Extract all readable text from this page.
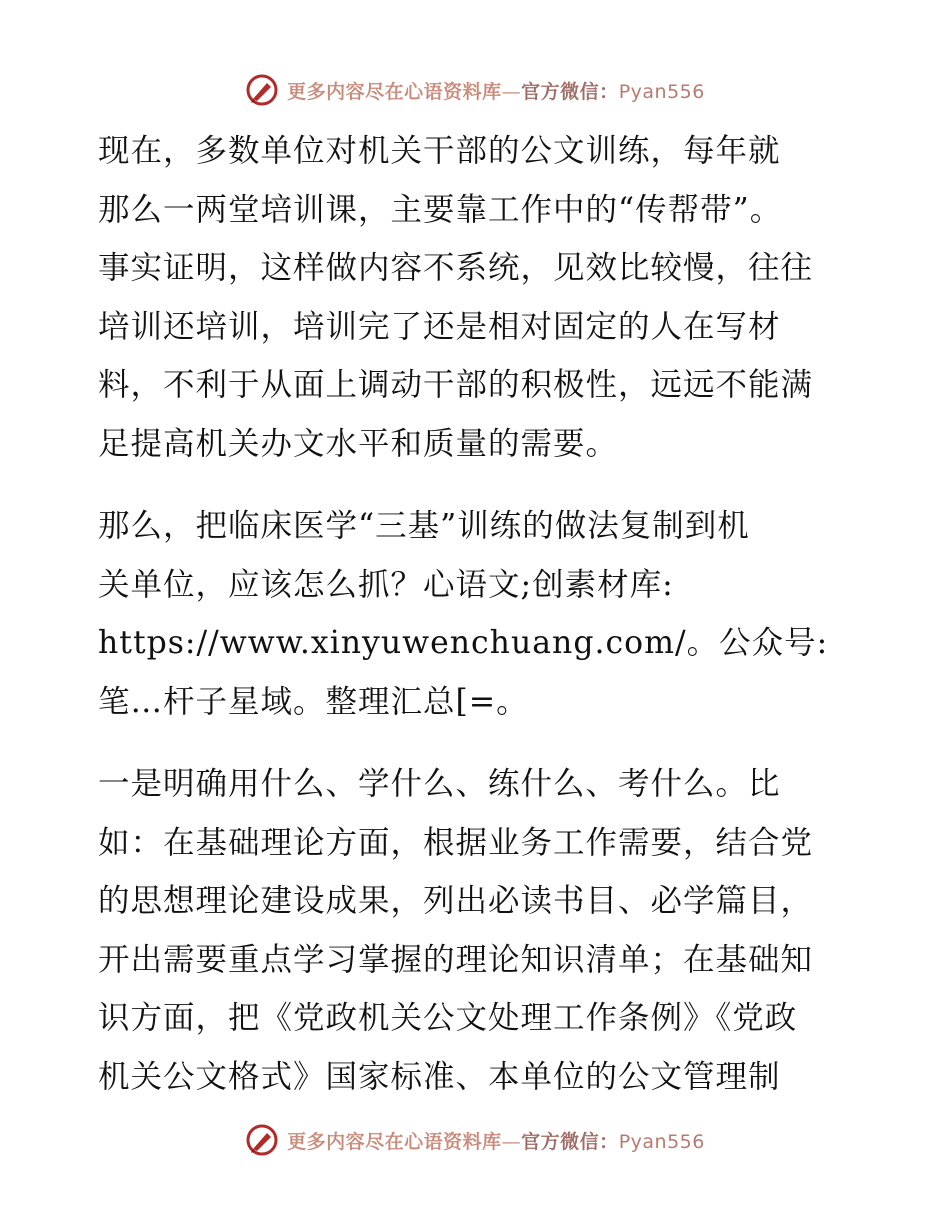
更多内容尽在心语资料库—官方微信：Pyan556

现在，多数单位对机关干部的公文训练，每年就
那么一两堂培训课，主要靠工作中的“传帮带”。
事实证明，这样做内容不系统，见效比较慢，往往
培训还培训，培训完了还是相对固定的人在写材
料，不利于从面上调动干部的积极性，远远不能满
足提高机关办文水平和质量的需要。

那么，把临床医学“三基”训练的做法复制到机
关单位，应该怎么抓？心语文;创素材库:
https://www.xinyuwenchuang.com/。公众号:
笔…杆子星域。整理汇总[=。

一是明确用什么、学什么、练什么、考什么。比
如：在基础理论方面，根据业务工作需要，结合党
的思想理论建设成果，列出必读书目、必学篇目，
开出需要重点学习掌握的理论知识清单；在基础知
识方面，把《党政机关公文处理工作条例》《党政
机关公文格式》国家标准、本单位的公文管理制

更多内容尽在心语资料库—官方微信：Pyan556
